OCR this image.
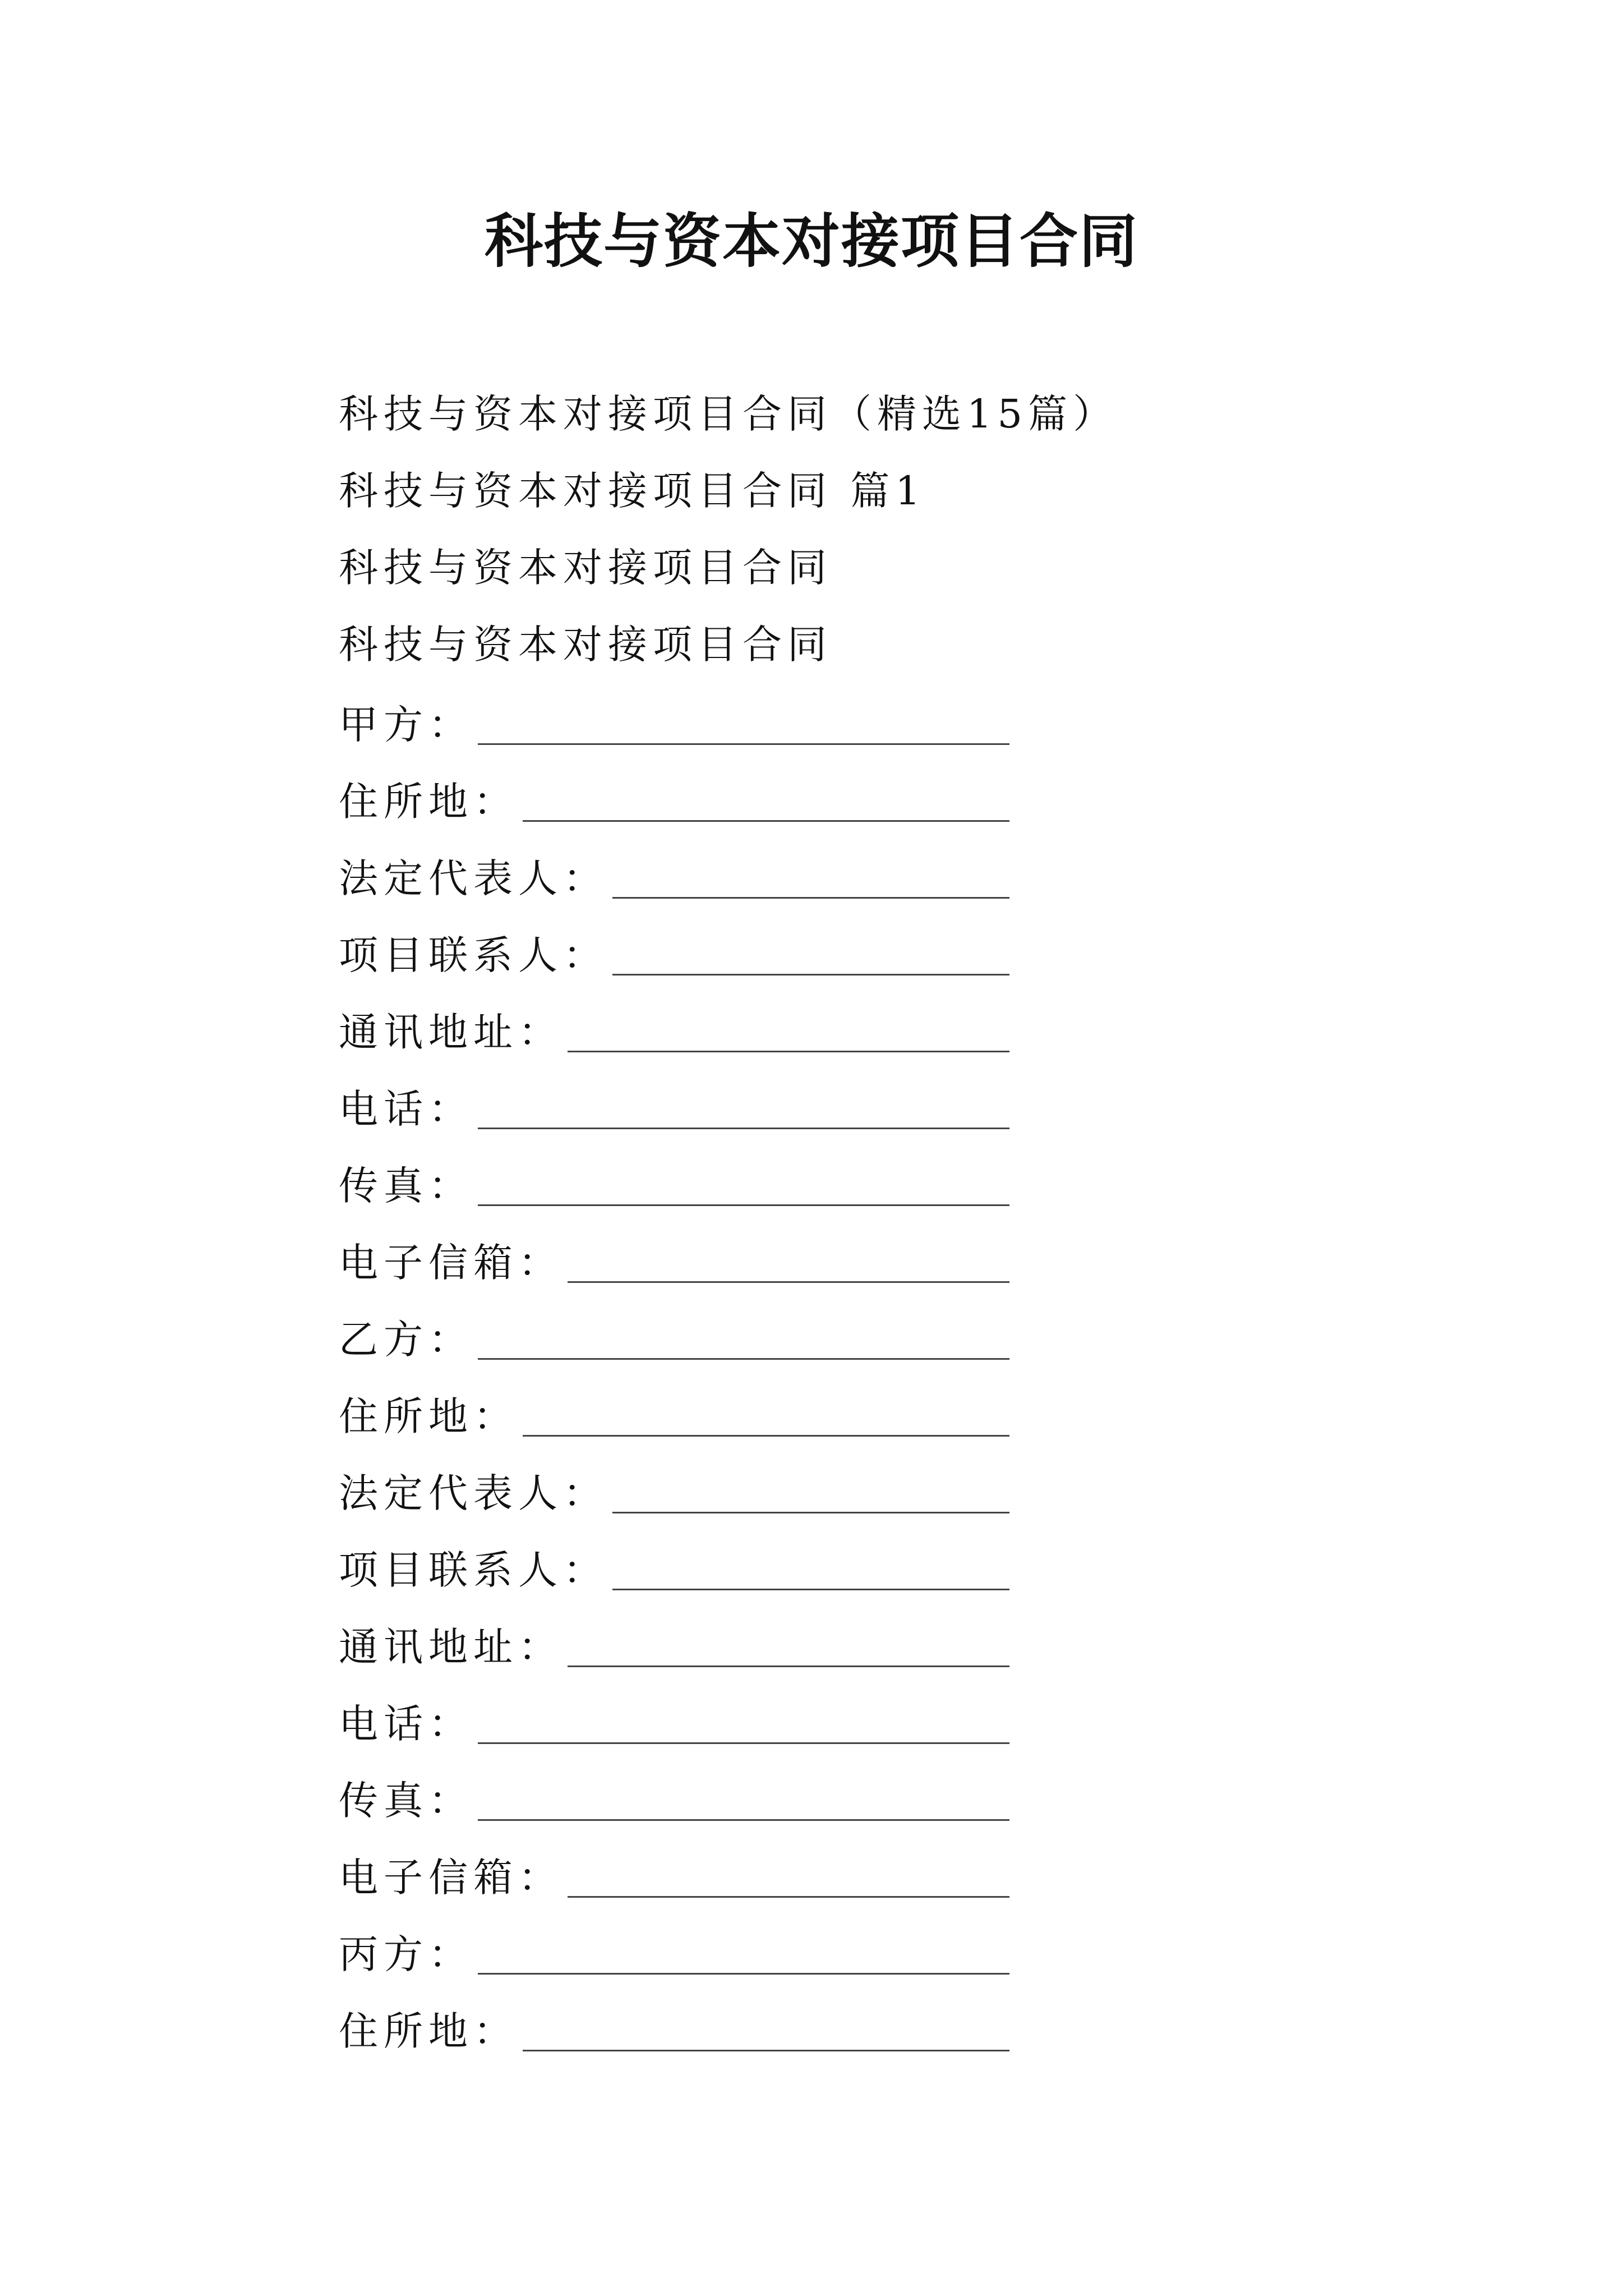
科技与资本对接项目合同
科技与资本对接项目合同（精选15篇）
科技与资本对接项目合同 篇1
科技与资本对接项目合同
科技与资本对接项目合同
甲方：
住所地：
法定代表人：
项目联系人：
通讯地址：
电话：
传真：
电子信箱：
乙方：
住所地：
法定代表人：
项目联系人：
通讯地址：
电话：
传真：
电子信箱：
丙方：
住所地：
